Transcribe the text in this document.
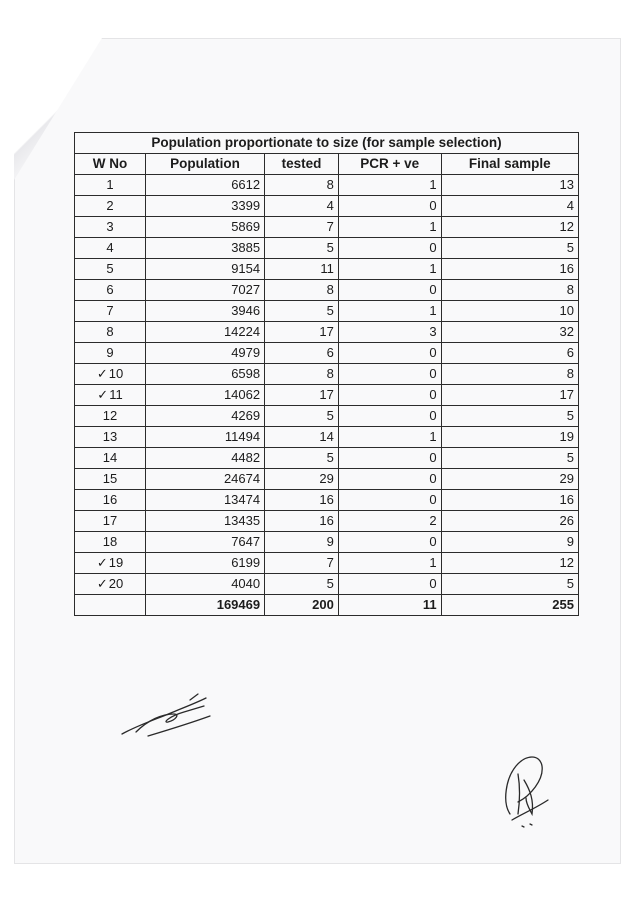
Population proportionate to size (for sample selection)				
W No	Population	tested	PCR + ve	Final sample
1	6612	8	1	13
2	3399	4	0	4
3	5869	7	1	12
4	3885	5	0	5
5	9154	11	1	16
6	7027	8	0	8
7	3946	5	1	10
8	14224	17	3	32
9	4979	6	0	6
✓10	6598	8	0	8
✓11	14062	17	0	17
12	4269	5	0	5
13	11494	14	1	19
14	4482	5	0	5
15	24674	29	0	29
16	13474	16	0	16
17	13435	16	2	26
18	7647	9	0	9
✓19	6199	7	1	12
✓20	4040	5	0	5
	169469	200	11	255
